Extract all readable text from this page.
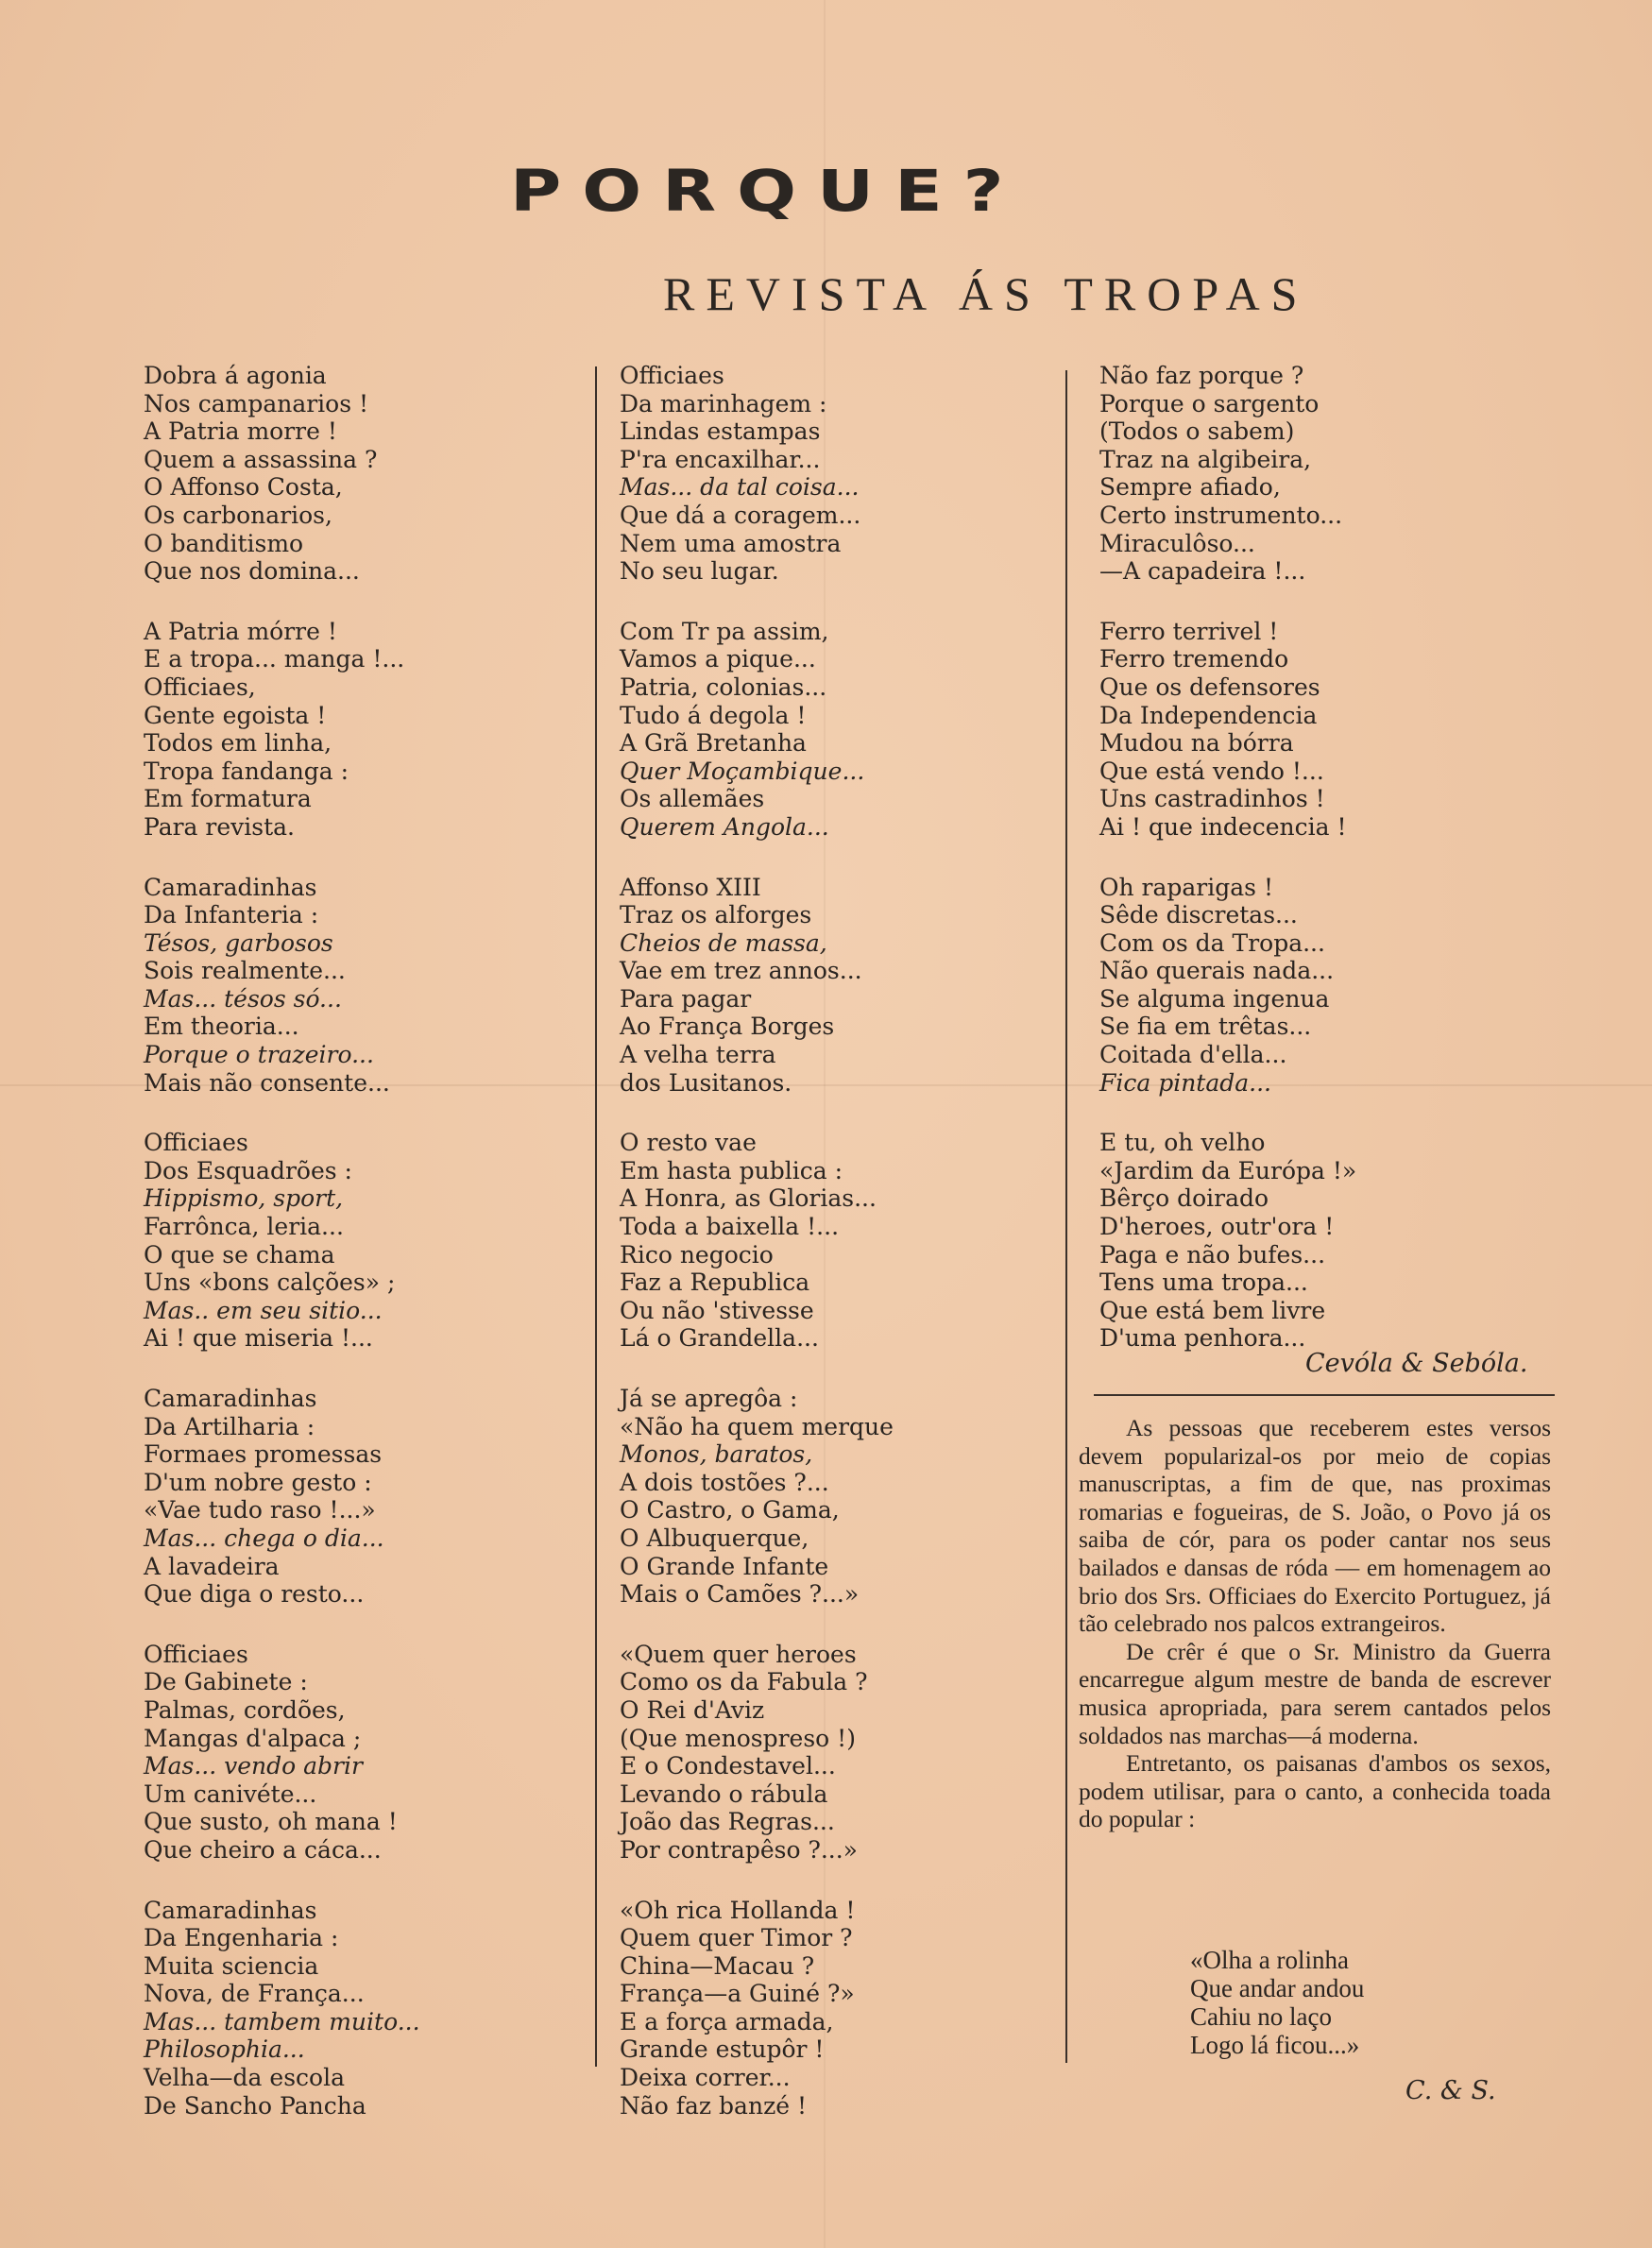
PORQUE?
REVISTA ÁS TROPAS
Dobra á agonia
Nos campanarios !
A Patria morre !
Quem a assassina ?
O Affonso Costa,
Os carbonarios,
O banditismo
Que nos domina...
A Patria mórre !
E a tropa... manga !...
Officiaes,
Gente egoista !
Todos em linha,
Tropa fandanga :
Em formatura
Para revista.
Camaradinhas
Da Infanteria :
Tésos, garbosos
Sois realmente...
Mas... tésos só...
Em theoria...
Porque o trazeiro...
Mais não consente...
Officiaes
Dos Esquadrões :
Hippismo, sport,
Farrônca, leria...
O que se chama
Uns «bons calções» ;
Mas.. em seu sitio...
Ai ! que miseria !...
Camaradinhas
Da Artilharia :
Formaes promessas
D'um nobre gesto :
«Vae tudo raso !...»
Mas... chega o dia...
A lavadeira
Que diga o resto...
Officiaes
De Gabinete :
Palmas, cordões,
Mangas d'alpaca ;
Mas... vendo abrir
Um canivéte...
Que susto, oh mana !
Que cheiro a cáca...
Camaradinhas
Da Engenharia :
Muita sciencia
Nova, de França...
Mas... tambem muito...
Philosophia...
Velha—da escola
De Sancho Pancha
Officiaes
Da marinhagem :
Lindas estampas
P'ra encaxilhar...
Mas... da tal coisa...
Que dá a coragem...
Nem uma amostra
No seu lugar.
Com Tr pa assim,
Vamos a pique...
Patria, colonias...
Tudo á degola !
A Grã Bretanha
Quer Moçambique...
Os allemães
Querem Angola...
Affonso XIII
Traz os alforges
Cheios de massa,
Vae em trez annos...
Para pagar
Ao França Borges
A velha terra
dos Lusitanos.
O resto vae
Em hasta publica :
A Honra, as Glorias...
Toda a baixella !...
Rico negocio
Faz a Republica
Ou não 'stivesse
Lá o Grandella...
Já se apregôa :
«Não ha quem merque
Monos, baratos,
A dois tostões ?...
O Castro, o Gama,
O Albuquerque,
O Grande Infante
Mais o Camões ?...»
«Quem quer heroes
Como os da Fabula ?
O Rei d'Aviz
(Que menospreso !)
E o Condestavel...
Levando o rábula
João das Regras...
Por contrapêso ?...»
«Oh rica Hollanda !
Quem quer Timor ?
China—Macau ?
França—a Guiné ?»
E a força armada,
Grande estupôr !
Deixa correr...
Não faz banzé !
Não faz porque ?
Porque o sargento
(Todos o sabem)
Traz na algibeira,
Sempre afiado,
Certo instrumento...
Miraculôso...
—A capadeira !...
Ferro terrivel !
Ferro tremendo
Que os defensores
Da Independencia
Mudou na bórra
Que está vendo !...
Uns castradinhos !
Ai ! que indecencia !
Oh raparigas !
Sêde discretas...
Com os da Tropa...
Não querais nada...
Se alguma ingenua
Se fia em trêtas...
Coitada d'ella...
Fica pintada...
E tu, oh velho
«Jardim da Európa !»
Bêrço doirado
D'heroes, outr'ora !
Paga e não bufes...
Tens uma tropa...
Que está bem livre
D'uma penhora...
Cevóla & Sebóla.

As pessoas que receberem estes versos devem popularizal-os por meio de copias manuscriptas, a fim de que, nas proximas romarias e fogueiras, de S. João, o Povo já os saiba de cór, para os poder cantar nos seus bailados e dansas de róda — em homenagem ao brio dos Srs. Officiaes do Exercito Portuguez, já tão celebrado nos palcos extrangeiros.

De crêr é que o Sr. Ministro da Guerra encarregue algum mestre de banda de escrever musica apropriada, para serem cantados pelos soldados nas marchas—á moderna.

Entretanto, os paisanas d'ambos os sexos, podem utilisar, para o canto, a conhecida toada do popular :

«Olha a rolinha
Que andar andou
Cahiu no laço
Logo lá ficou...»
C. & S.
